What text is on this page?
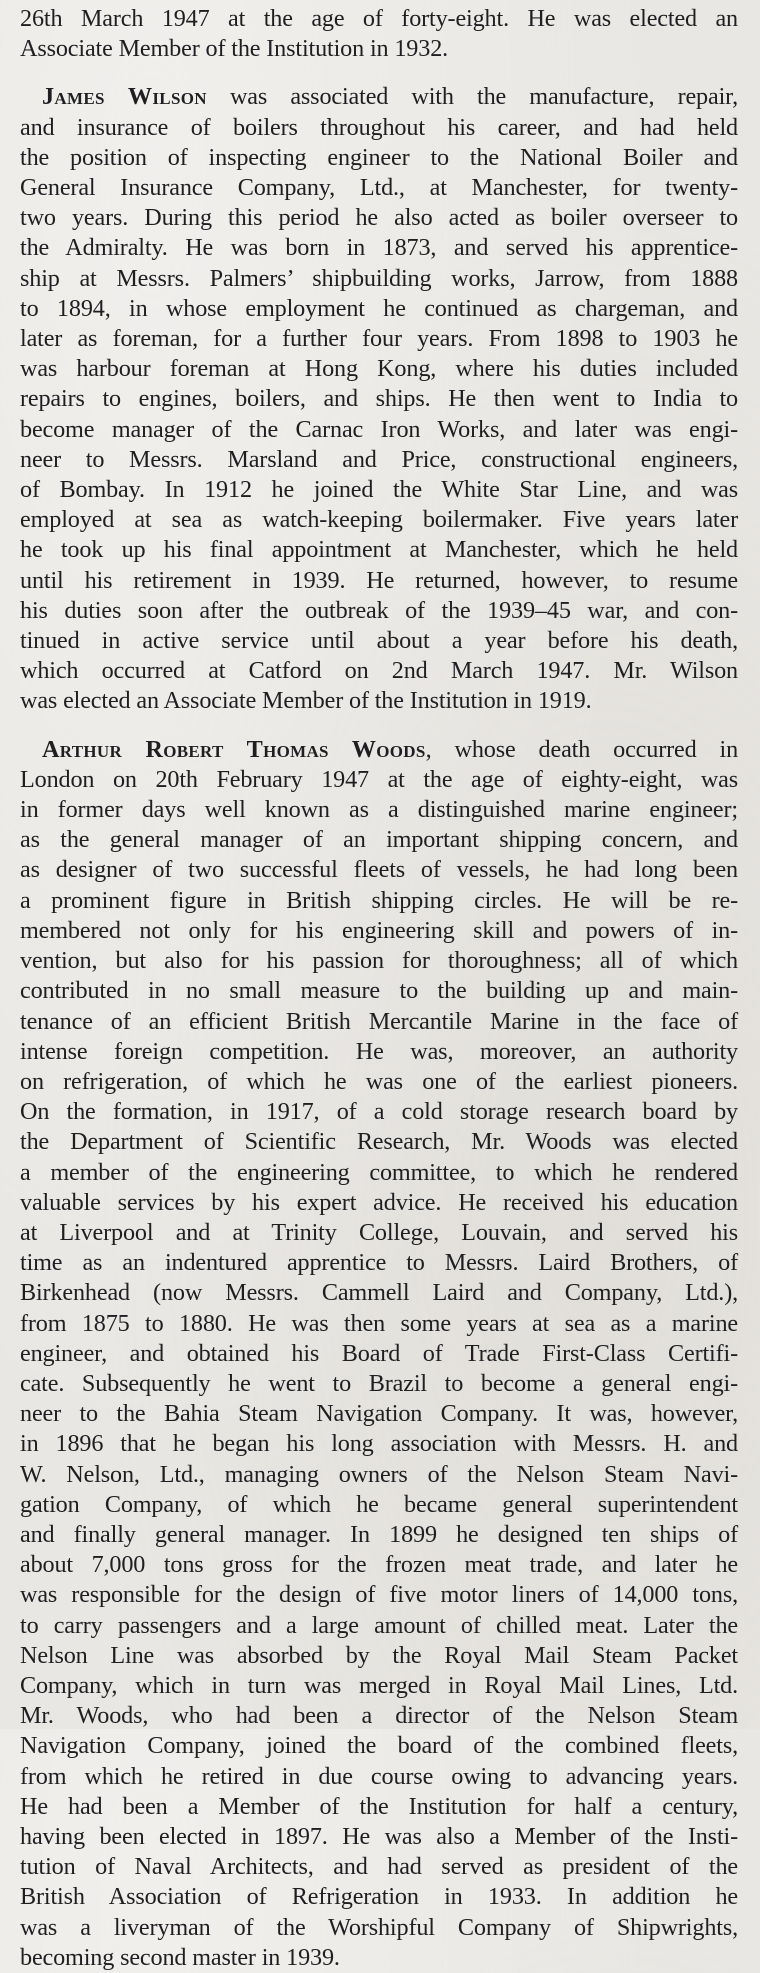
26th March 1947 at the age of forty-eight. He was elected an
Associate Member of the Institution in 1932.
James Wilson was associated with the manufacture, repair,
and insurance of boilers throughout his career, and had held
the position of inspecting engineer to the National Boiler and
General Insurance Company, Ltd., at Manchester, for twenty-
two years. During this period he also acted as boiler overseer to
the Admiralty. He was born in 1873, and served his apprentice-
ship at Messrs. Palmers’ shipbuilding works, Jarrow, from 1888
to 1894, in whose employment he continued as chargeman, and
later as foreman, for a further four years. From 1898 to 1903 he
was harbour foreman at Hong Kong, where his duties included
repairs to engines, boilers, and ships. He then went to India to
become manager of the Carnac Iron Works, and later was engi-
neer to Messrs. Marsland and Price, constructional engineers,
of Bombay. In 1912 he joined the White Star Line, and was
employed at sea as watch-keeping boilermaker. Five years later
he took up his final appointment at Manchester, which he held
until his retirement in 1939. He returned, however, to resume
his duties soon after the outbreak of the 1939–45 war, and con-
tinued in active service until about a year before his death,
which occurred at Catford on 2nd March 1947. Mr. Wilson
was elected an Associate Member of the Institution in 1919.
Arthur Robert Thomas Woods, whose death occurred in
London on 20th February 1947 at the age of eighty-eight, was
in former days well known as a distinguished marine engineer;
as the general manager of an important shipping concern, and
as designer of two successful fleets of vessels, he had long been
a prominent figure in British shipping circles. He will be re-
membered not only for his engineering skill and powers of in-
vention, but also for his passion for thoroughness; all of which
contributed in no small measure to the building up and main-
tenance of an efficient British Mercantile Marine in the face of
intense foreign competition. He was, moreover, an authority
on refrigeration, of which he was one of the earliest pioneers.
On the formation, in 1917, of a cold storage research board by
the Department of Scientific Research, Mr. Woods was elected
a member of the engineering committee, to which he rendered
valuable services by his expert advice. He received his education
at Liverpool and at Trinity College, Louvain, and served his
time as an indentured apprentice to Messrs. Laird Brothers, of
Birkenhead (now Messrs. Cammell Laird and Company, Ltd.),
from 1875 to 1880. He was then some years at sea as a marine
engineer, and obtained his Board of Trade First-Class Certifi-
cate. Subsequently he went to Brazil to become a general engi-
neer to the Bahia Steam Navigation Company. It was, however,
in 1896 that he began his long association with Messrs. H. and
W. Nelson, Ltd., managing owners of the Nelson Steam Navi-
gation Company, of which he became general superintendent
and finally general manager. In 1899 he designed ten ships of
about 7,000 tons gross for the frozen meat trade, and later he
was responsible for the design of five motor liners of 14,000 tons,
to carry passengers and a large amount of chilled meat. Later the
Nelson Line was absorbed by the Royal Mail Steam Packet
Company, which in turn was merged in Royal Mail Lines, Ltd.
Mr. Woods, who had been a director of the Nelson Steam
Navigation Company, joined the board of the combined fleets,
from which he retired in due course owing to advancing years.
He had been a Member of the Institution for half a century,
having been elected in 1897. He was also a Member of the Insti-
tution of Naval Architects, and had served as president of the
British Association of Refrigeration in 1933. In addition he
was a liveryman of the Worshipful Company of Shipwrights,
becoming second master in 1939.
